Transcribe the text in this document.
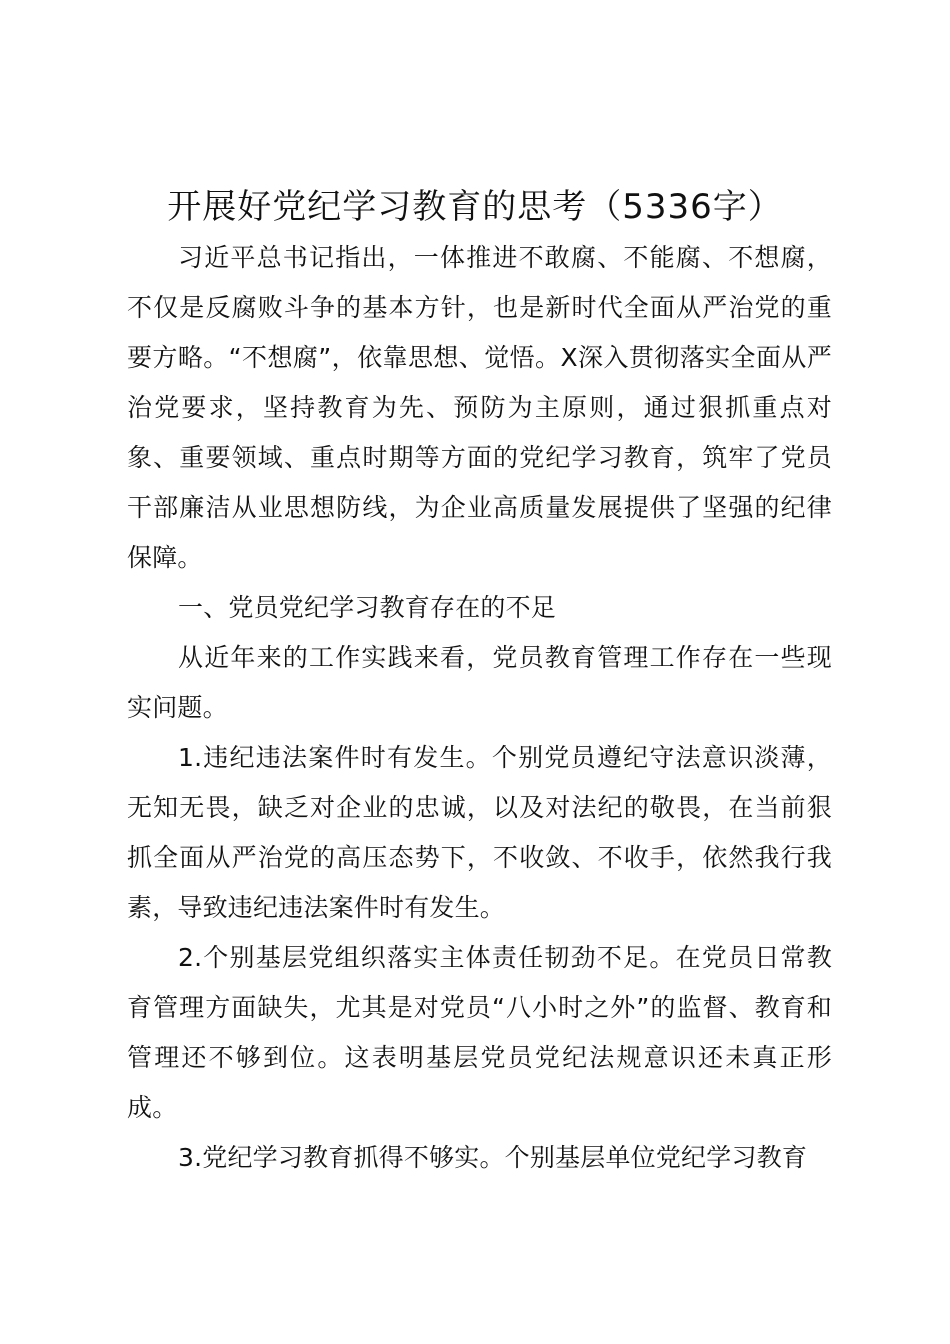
开展好党纪学习教育的思考（5336字）

习近平总书记指出，一体推进不敢腐、不能腐、不想腐，不仅是反腐败斗争的基本方针，也是新时代全面从严治党的重要方略。“不想腐”，依靠思想、觉悟。X深入贯彻落实全面从严治党要求，坚持教育为先、预防为主原则，通过狠抓重点对象、重要领域、重点时期等方面的党纪学习教育，筑牢了党员干部廉洁从业思想防线，为企业高质量发展提供了坚强的纪律保障。

一、党员党纪学习教育存在的不足

从近年来的工作实践来看，党员教育管理工作存在一些现实问题。

1.违纪违法案件时有发生。个别党员遵纪守法意识淡薄，无知无畏，缺乏对企业的忠诚，以及对法纪的敬畏，在当前狠抓全面从严治党的高压态势下，不收敛、不收手，依然我行我素，导致违纪违法案件时有发生。

2.个别基层党组织落实主体责任韧劲不足。在党员日常教育管理方面缺失，尤其是对党员“八小时之外”的监督、教育和管理还不够到位。这表明基层党员党纪法规意识还未真正形成。

3.党纪学习教育抓得不够实。个别基层单位党纪学习教育
